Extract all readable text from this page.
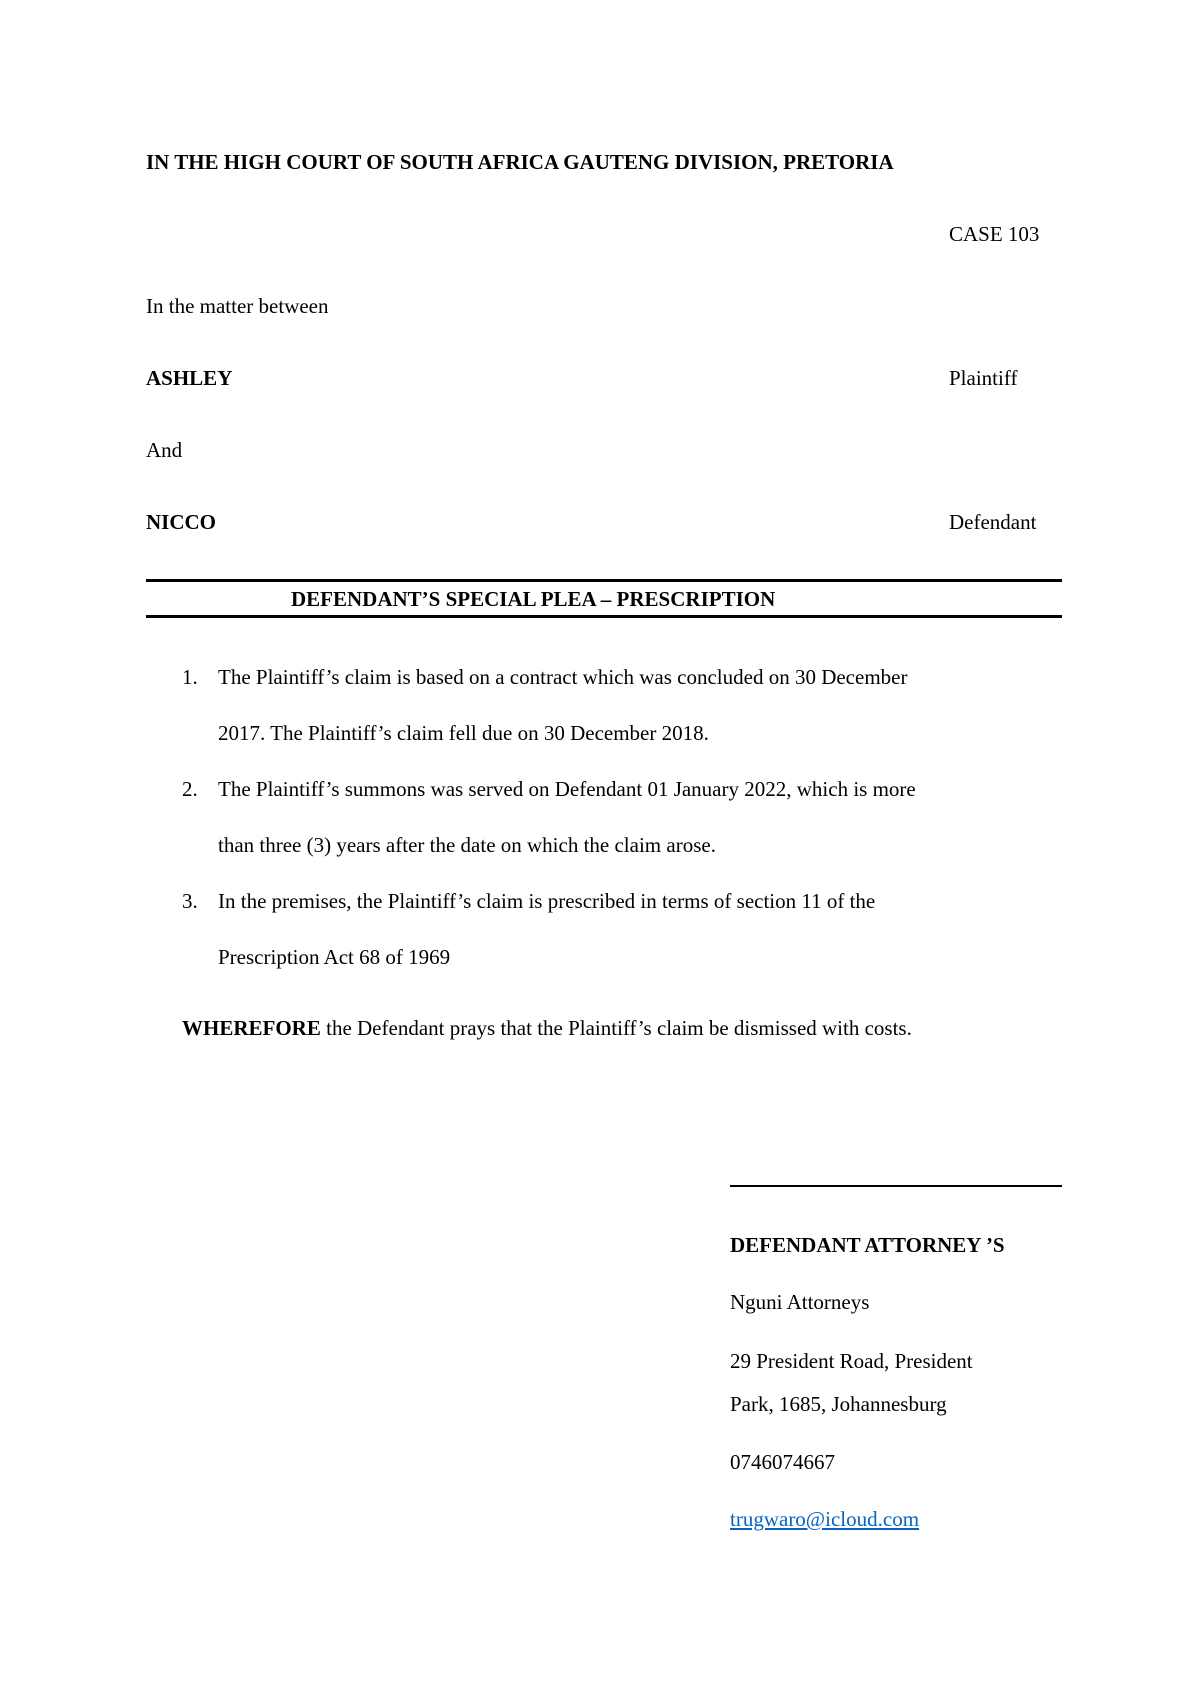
IN THE HIGH COURT OF SOUTH AFRICA GAUTENG DIVISION, PRETORIA
CASE 103
In the matter between
ASHLEY	Plaintiff
And
NICCO	Defendant
DEFENDANT’S SPECIAL PLEA – PRESCRIPTION
1. The Plaintiff’s claim is based on a contract which was concluded on 30 December
2017. The Plaintiff’s claim fell due on 30 December 2018.
2. The Plaintiff’s summons was served on Defendant 01 January 2022, which is more
than three (3) years after the date on which the claim arose.
3. In the premises, the Plaintiff’s claim is prescribed in terms of section 11 of the
Prescription Act 68 of 1969
WHEREFORE the Defendant prays that the Plaintiff’s claim be dismissed with costs.
DEFENDANT ATTORNEY ’S
Nguni Attorneys
29 President Road, President
Park, 1685, Johannesburg
0746074667
trugwaro@icloud.com
